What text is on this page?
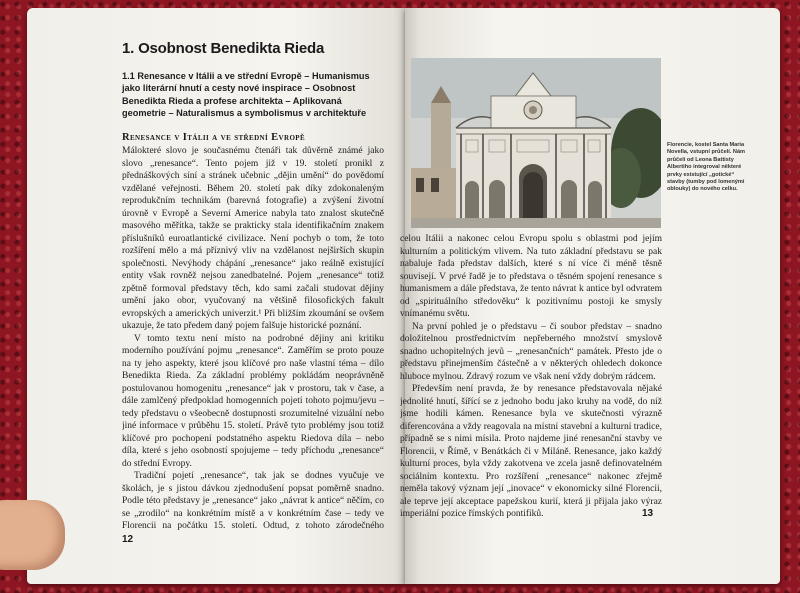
1. Osobnost Benedikta Rieda

1.1 Renesance v Itálii a ve střední Evropě – Humanismus jako literární hnutí a cesty nové inspirace – Osobnost Benedikta Rieda a profese architekta – Aplikovaná geometrie – Naturalismus a symbolismus v architektuře

Renesance v Itálii a ve střední Evropě

Málokteré slovo je současnému čtenáři tak důvěrně známé jako slovo „renesance“. Tento pojem již v 19. století pronikl z přednáškových síní a stránek učebnic „dějin umění“ do povědomí vzdělané veřejnosti. Během 20. století pak díky zdokonaleným reprodukčním technikám (barevná fotografie) a zvýšení životní úrovně v Evropě a Severní Americe nabyla tato znalost skutečně masového měřítka, takže se prakticky stala identifikačním znakem příslušníků euroatlantické civilizace. Není pochyb o tom, že toto rozšíření mělo a má příznivý vliv na vzdělanost nejširších skupin společnosti. Nevýhody chápání „renesance“ jako reálně existující entity však rovněž nejsou zanedbatelné. Pojem „renesance“ totiž zpětně formoval představy těch, kdo sami začali studovat dějiny umění jako obor, vyučovaný na většině filosofických fakult evropských a amerických univerzit.¹ Při bližším zkoumání se ovšem ukazuje, že tato předem daný pojem falšuje historické poznání.

V tomto textu není místo na podrobné dějiny ani kritiku moderního používání pojmu „renesance“. Zaměřím se proto pouze na ty jeho aspekty, které jsou klíčové pro naše vlastní téma – dílo Benedikta Rieda. Za základní problémy pokládám neoprávněně postulovanou homogenitu „renesance“ jak v prostoru, tak v čase, a dále zamlčený předpoklad homogenních pojetí tohoto pojmu/jevu – tedy představu o všeobecně dostupnosti srozumitelné vizuální nebo jiné informace v průběhu 15. století. Právě tyto problémy jsou totiž klíčové pro pochopení podstatného aspektu Riedova díla – nebo díla, které s jeho osobností spojujeme – tedy příchodu „renesance“ do střední Evropy.

Tradiční pojetí „renesance“, tak jak se dodnes vyučuje ve školách, je s jistou dávkou zjednodušení popsat poměrně snadno. Podle této představy je „renesance“ jako „návrat k antice“ něčím, co se „zrodilo“ na konkrétním místě a v konkrétním čase – tedy ve Florencii na počátku 15. století. Odtud, z tohoto zárodečného

12
Florencie, kostel Santa Maria Novella, vstupní průčelí. Nám průčelí od Leona Battisty Albertiho integroval některé prvky existující „gotické“ stavby (tumby pod lomenými oblouky) do nového celku.

celou Itálii a nakonec celou Evropu spolu s oblastmi pod jejím kulturním a politickým vlivem. Na tuto základní představu se pak nabaluje řada představ dalších, které s ní více či méně těsně souvisejí. V prvé řadě je to představa o těsném spojení renesance s humanismem a dále představa, že tento návrat k antice byl odvratem od „spirituálního středověku“ k pozitivnímu postoji ke smysly vnímanému světu.

Na první pohled je o představu – či soubor představ – snadno doložitelnou prostřednictvím nepřeberného množství smyslově snadno uchopitelných jevů – „renesančních“ památek. Přesto jde o představu přinejmenším částečně a v některých ohledech dokonce hluboce mylnou. Zdravý rozum ve však není vždy dobrým rádcem.

Především není pravda, že by renesance představovala nějaké jednolité hnutí, šířící se z jednoho bodu jako kruhy na vodě, do níž jsme hodili kámen. Renesance byla ve skutečnosti výrazně diferencována a vždy reagovala na místní stavební a kulturní tradice, případně se s nimi mísila. Proto najdeme jiné renesanční stavby ve Florencii, v Římě, v Benátkách či v Miláně. Renesance, jako každý kulturní proces, byla vždy zakotvena ve zcela jasně definovatelném sociálním kontextu. Pro rozšíření „renesance“ nakonec zřejmě neměla takový význam její „inovace“ v ekonomicky silné Florencii, ale teprve její akceptace papežskou kurií, která ji přijala jako výraz imperiální pozice římských pontifiků.	13
